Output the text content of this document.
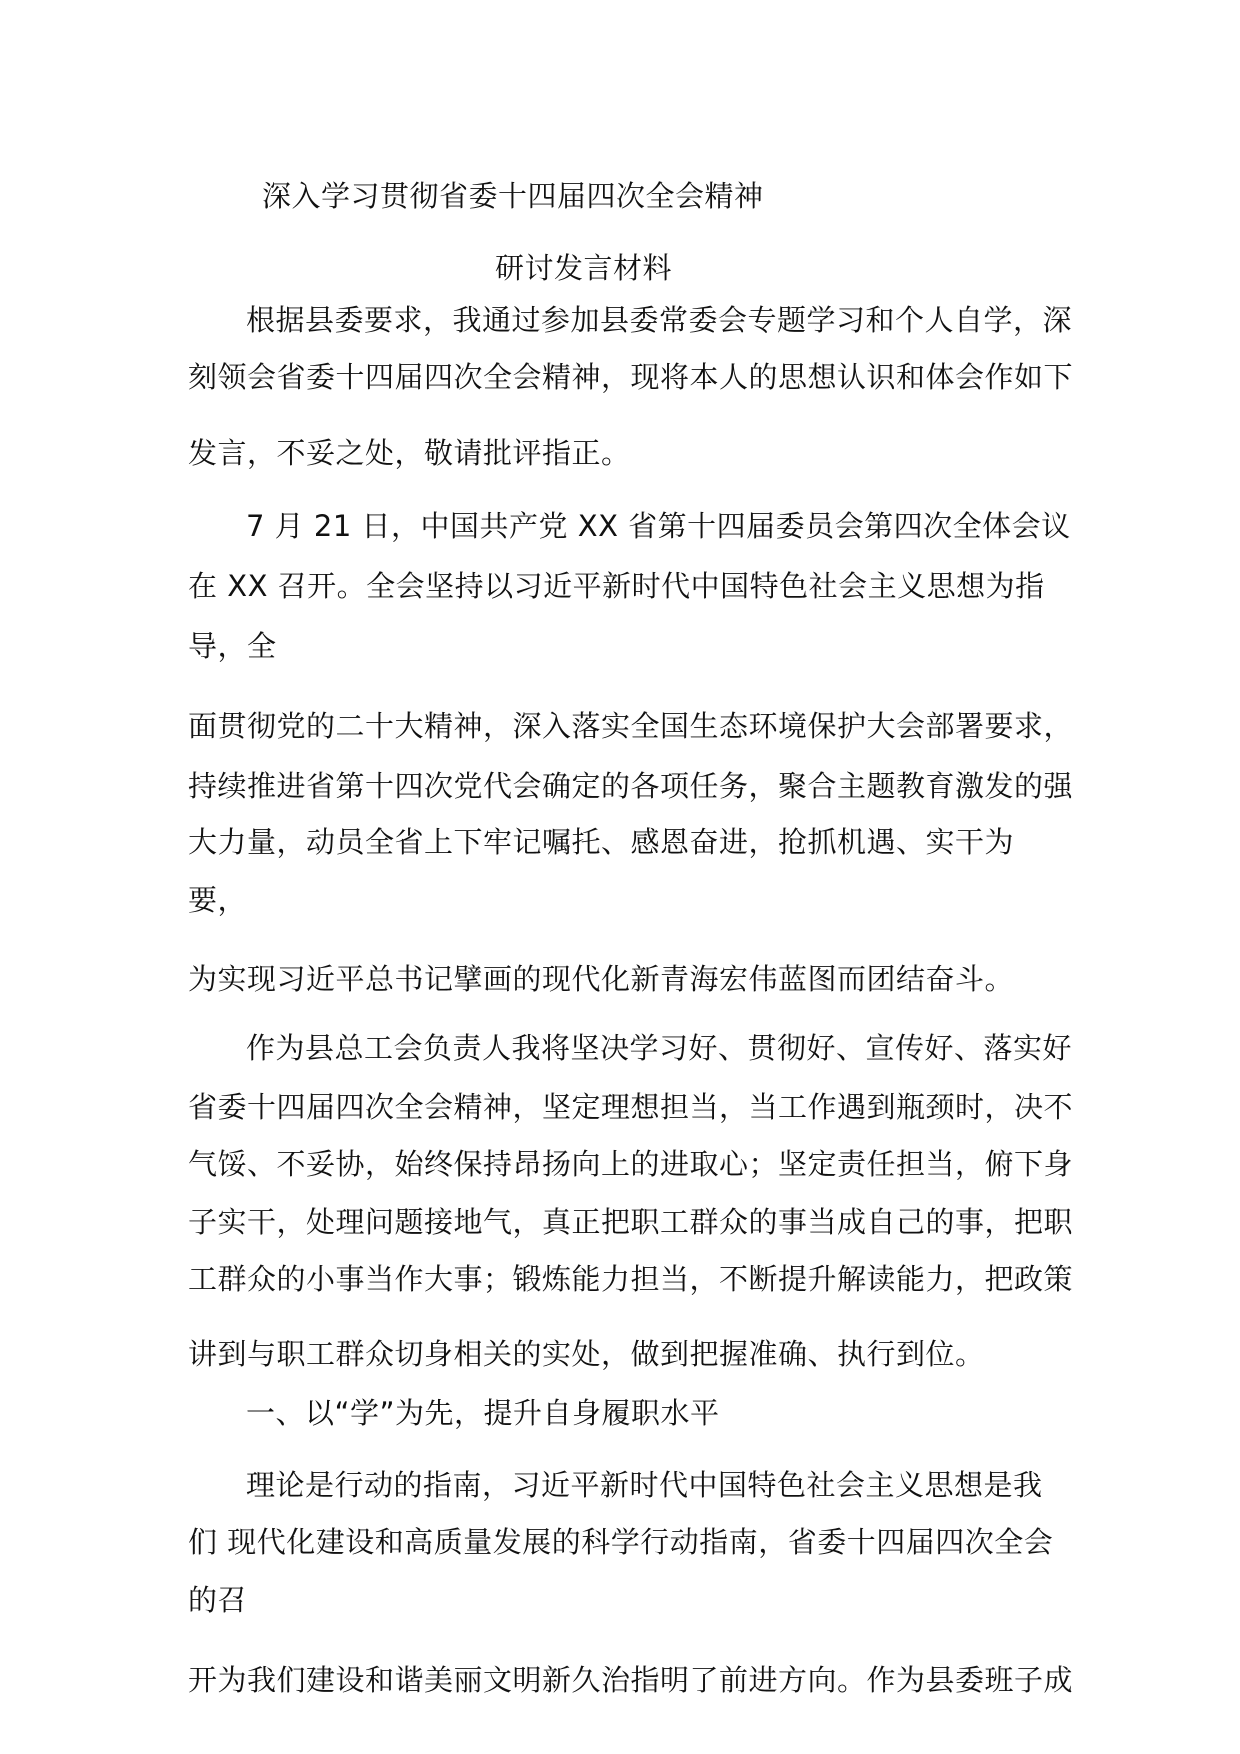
深入学习贯彻省委十四届四次全会精神
研讨发言材料
根据县委要求，我通过参加县委常委会专题学习和个人自学，深
刻领会省委十四届四次全会精神，现将本人的思想认识和体会作如下
发言，不妥之处，敬请批评指正。
7 月 21 日，中国共产党 XX 省第十四届委员会第四次全体会议
在 XX 召开。全会坚持以习近平新时代中国特色社会主义思想为指
导，全
面贯彻党的二十大精神，深入落实全国生态环境保护大会部署要求，
持续推进省第十四次党代会确定的各项任务，聚合主题教育激发的强
大力量，动员全省上下牢记嘱托、感恩奋进，抢抓机遇、实干为
要，
为实现习近平总书记擘画的现代化新青海宏伟蓝图而团结奋斗。
作为县总工会负责人我将坚决学习好、贯彻好、宣传好、落实好
省委十四届四次全会精神，坚定理想担当，当工作遇到瓶颈时，决不
气馁、不妥协，始终保持昂扬向上的进取心；坚定责任担当，俯下身
子实干，处理问题接地气，真正把职工群众的事当成自己的事，把职
工群众的小事当作大事；锻炼能力担当，不断提升解读能力，把政策
讲到与职工群众切身相关的实处，做到把握准确、执行到位。
一、以“学”为先，提升自身履职水平
理论是行动的指南，习近平新时代中国特色社会主义思想是我
们 现代化建设和高质量发展的科学行动指南，省委十四届四次全会
的召
开为我们建设和谐美丽文明新久治指明了前进方向。作为县委班子成
